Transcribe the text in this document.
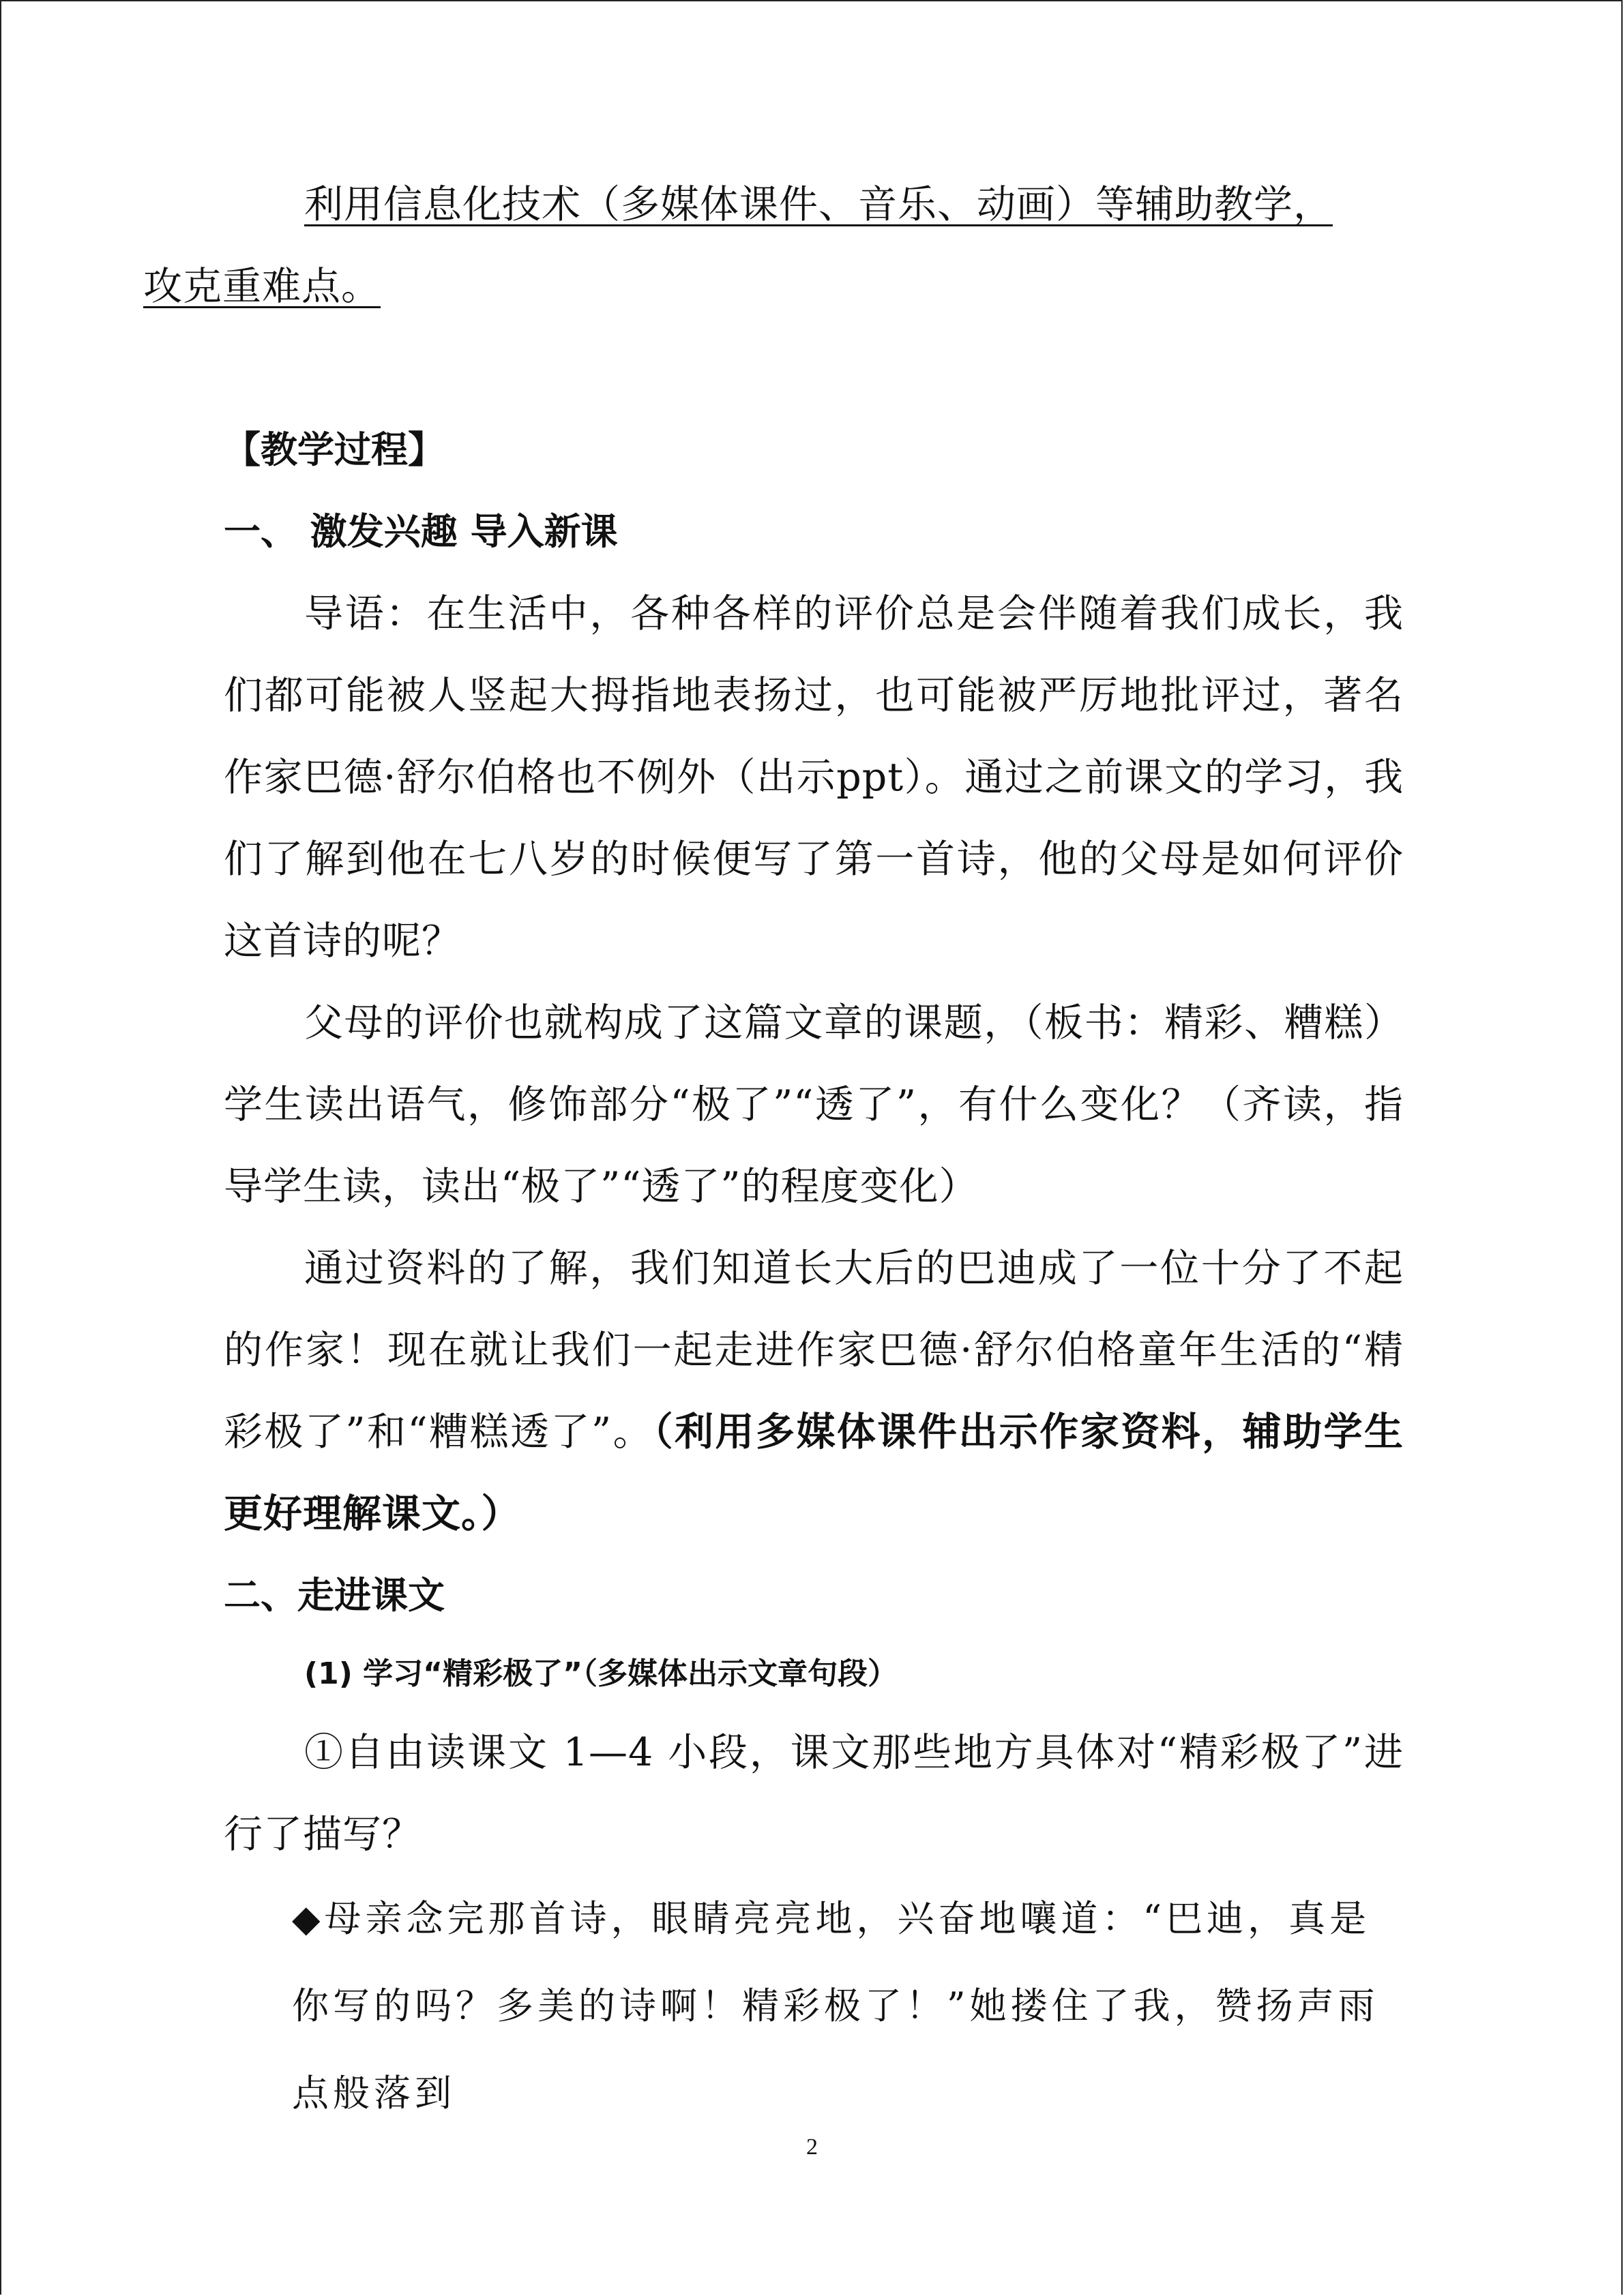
利用信息化技术（多媒体课件、音乐、动画）等辅助教学，
攻克重难点。

【教学过程】

一、 激发兴趣 导入新课

导语：在生活中，各种各样的评价总是会伴随着我们成长，我们都可能被人竖起大拇指地表扬过，也可能被严厉地批评过，著名作家巴德·舒尔伯格也不例外（出示ppt）。通过之前课文的学习，我们了解到他在七八岁的时候便写了第一首诗，他的父母是如何评价这首诗的呢？

父母的评价也就构成了这篇文章的课题，（板书：精彩、糟糕）学生读出语气，修饰部分“极了”“透了”，有什么变化？（齐读，指导学生读，读出“极了”“透了”的程度变化）

通过资料的了解，我们知道长大后的巴迪成了一位十分了不起的作家！现在就让我们一起走进作家巴德·舒尔伯格童年生活的“精彩极了”和“糟糕透了”。（利用多媒体课件出示作家资料，辅助学生更好理解课文。）

二、走进课文

(1) 学习“精彩极了”（多媒体出示文章句段）

①自由读课文 1—4 小段，课文那些地方具体对“精彩极了”进行了描写？

◆母亲念完那首诗，眼睛亮亮地，兴奋地嚷道：“巴迪，真是你写的吗？多美的诗啊！精彩极了！”她搂住了我，赞扬声雨点般落到

2
